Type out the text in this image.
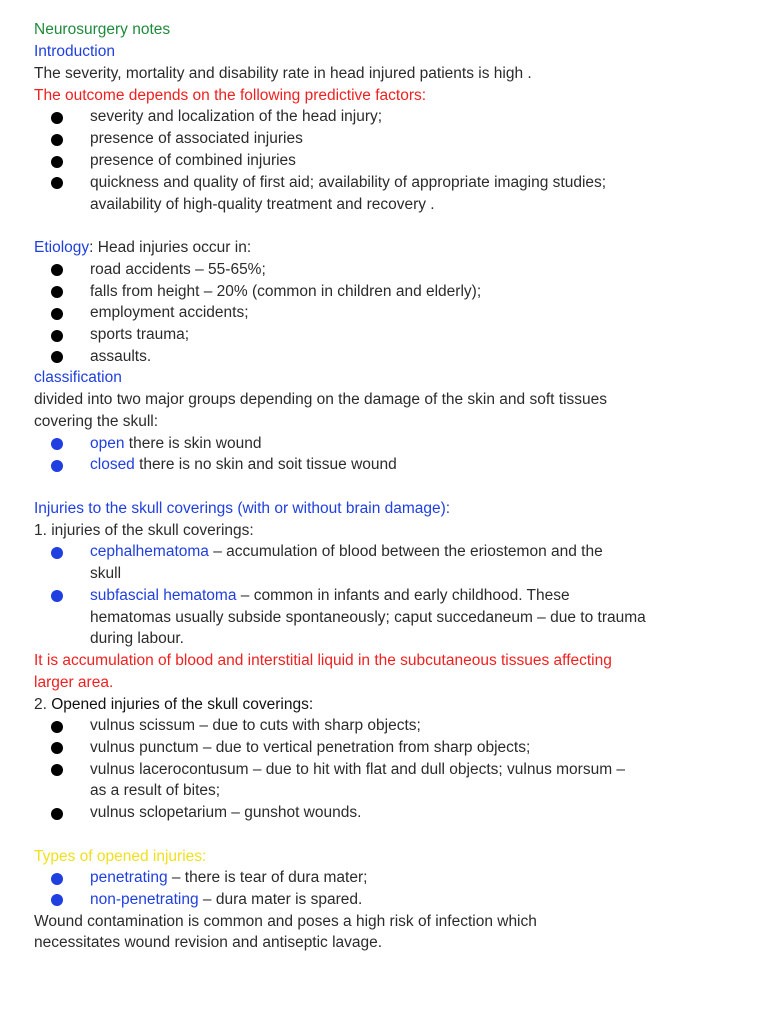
Neurosurgery notes
Introduction
The severity, mortality and disability rate in head injured patients is high .
The outcome depends on the following predictive factors:
severity and localization of the head injury;
presence of associated injuries
presence of combined injuries
quickness and quality of first aid; availability of appropriate imaging studies;
availability of high-quality treatment and recovery .
Etiology: Head injuries occur in:
road accidents – 55-65%;
falls from height – 20% (common in children and elderly);
employment accidents;
sports trauma;
assaults.
classification
divided into two major groups depending on the damage of the skin and soft tissues
covering the skull:
open there is skin wound
closed there is no skin and soit tissue wound
Injuries to the skull coverings (with or without brain damage):
1. injuries of the skull coverings:
cephalhematoma – accumulation of blood between the eriostemon and the
skull
subfascial hematoma – common in infants and early childhood. These
hematomas usually subside spontaneously; caput succedaneum – due to trauma
during labour.
It is accumulation of blood and interstitial liquid in the subcutaneous tissues affecting
larger area.
2. Opened injuries of the skull coverings:
vulnus scissum – due to cuts with sharp objects;
vulnus punctum – due to vertical penetration from sharp objects;
vulnus lacerocontusum – due to hit with flat and dull objects; vulnus morsum –
as a result of bites;
vulnus sclopetarium – gunshot wounds.
Types of opened injuries:
penetrating – there is tear of dura mater;
non-penetrating – dura mater is spared.
Wound contamination is common and poses a high risk of infection which
necessitates wound revision and antiseptic lavage.
